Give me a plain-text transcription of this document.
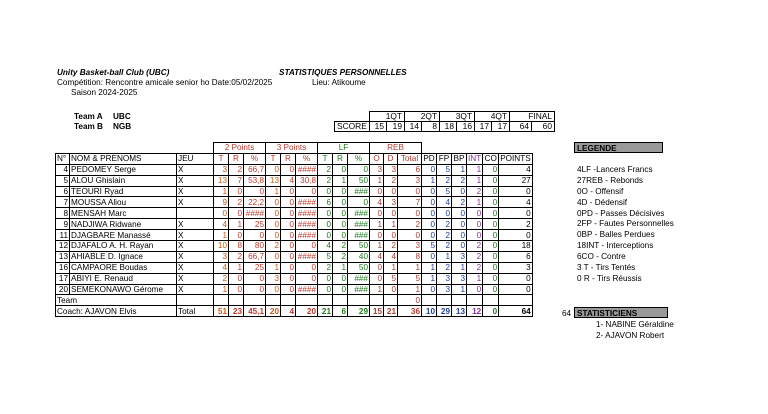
Unity Basket-ball Club (UBC)	STATISTIQUES PERSONNELLES
Compétition: Rencontre amicale senior ho Date:05/02/2025	Lieu: Atikoume
Saison 2024-2025
Team A UBC
Team B NGB
	1QT		2QT		3QT		4QT		FINAL	
SCORE	15	19	14	8	18	16	17	17	64	60
			2 Points			3 Points			LF			REB								
N°	NOM & PRENOMS	JEU	T	R	%	T	R	%	T	R	%	O	D	Total	PD	FP	BP	INT	CO	POINTS
4	PEDOMEY Serge	X	3	2	66,7	0	0	####	2	0	0	3	3	6	0	5	1	1	0	4
5	ALOU Ghislain	X	13	7	53,8	13	4	30,8	2	1	50	1	2	3	1	2	2	1	0	27
6	TEOURI Ryad	X	1	0	0	1	0	0	0	0	###	0	0	0	0	5	0	2	0	0
7	MOUSSA Aliou	X	9	2	22,2	0	0	####	6	0	0	4	3	7	0	4	2	1	0	4
8	MENSAH Marc		0	0	####	0	0	####	0	0	###	0	0	0	0	0	0	0	0	0
9	NADJIWA Ridwane	X	4	1	25	0	0	####	0	0	###	1	1	2	0	2	0	0	0	2
11	DJAGBARE Manassé	X	1	0	0	0	0	####	0	0	###	0	0	0	0	2	0	0	0	0
12	DJAFALO A. H. Rayan	X	10	8	80	2	0	0	4	2	50	1	2	3	5	2	0	2	0	18
13	AHIABLE D. Ignace	X	3	2	66,7	0	0	####	5	2	40	4	4	8	0	1	3	2	0	6
16	CAMPAORE Boudas	X	4	1	25	1	0	0	2	1	50	0	1	1	1	2	1	2	0	3
17	ABIYI E. Renaud	X	2	0	0	3	0	0	0	0	###	0	5	5	1	3	3	1	0	0
20	SEMEKONAWO Gérome	X	1	0	0	0	0	####	0	0	###	1	0	1	0	3	1	0	0	0
Team														0						
Coach: AJAVON Elvis		Total	51	23	45,1	20	4	20	21	6	29	15	21	36	10	29	13	12	0	64
LEGENDE
4LF -Lancers Francs
27REB - Rebonds
0O - Offensif
4D - Dédensif
0PD - Passes Décisives
2FP - Fautes Personnelles
0BP - Balles Perdues
18INT - Interceptions
6CO - Contre
3 T - Tirs Tentés
0 R - Tirs Réussis
STATISTICIENS
64
1- NABINE Géraldine
2- AJAVON Robert
